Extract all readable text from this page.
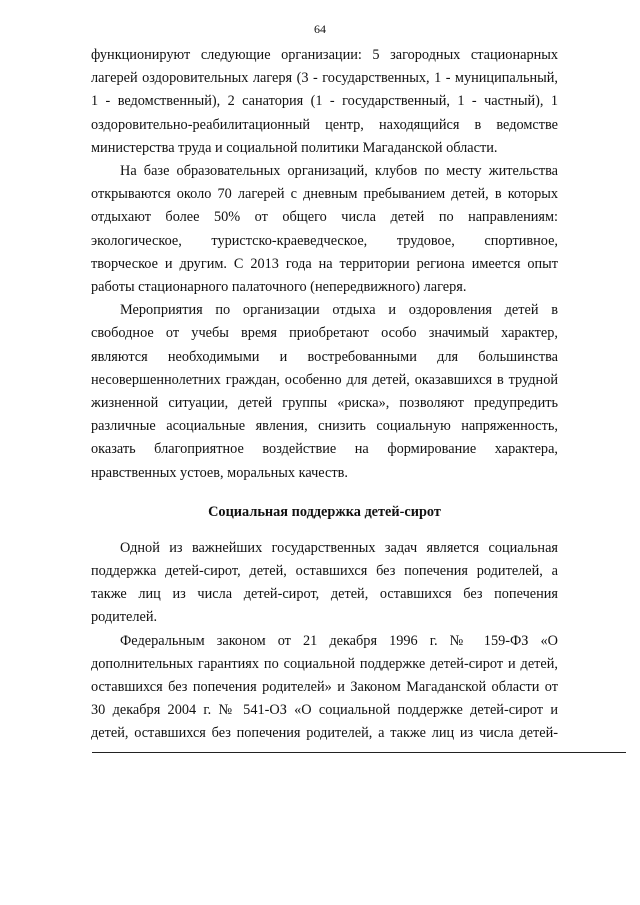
64

функционируют следующие организации: 5 загородных стационарных
лагерей оздоровительных лагеря (3 - государственных, 1 - муниципальный,
1 - ведомственный), 2 санатория (1 - государственный, 1 - частный), 1
оздоровительно-реабилитационный центр, находящийся в ведомстве
министерства труда и социальной политики Магаданской области.

На базе образовательных организаций, клубов по месту жительства
открываются около 70 лагерей с дневным пребыванием детей, в которых
отдыхают более 50% от общего числа детей по направлениям:
экологическое, туристско-краеведческое, трудовое, спортивное,
творческое и другим. С 2013 года на территории региона имеется опыт
работы стационарного палаточного (непередвижного) лагеря.

Мероприятия по организации отдыха и оздоровления детей в
свободное от учебы время приобретают особо значимый характер,
являются необходимыми и востребованными для большинства
несовершеннолетних граждан, особенно для детей, оказавшихся в трудной
жизненной ситуации, детей группы «риска», позволяют предупредить
различные асоциальные явления, снизить социальную напряженность,
оказать благоприятное воздействие на формирование характера,
нравственных устоев, моральных качеств.

Социальная поддержка детей-сирот

Одной из важнейших государственных задач является социальная
поддержка детей-сирот, детей, оставшихся без попечения родителей, а
также лиц из числа детей-сирот, детей, оставшихся без попечения
родителей.

Федеральным законом от 21 декабря 1996 г. № 159-ФЗ «О
дополнительных гарантиях по социальной поддержке детей-сирот и детей,
оставшихся без попечения родителей» и Законом Магаданской области от
30 декабря 2004 г. № 541-ОЗ «О социальной поддержке детей-сирот и
детей, оставшихся без попечения родителей, а также лиц из числа детей-
